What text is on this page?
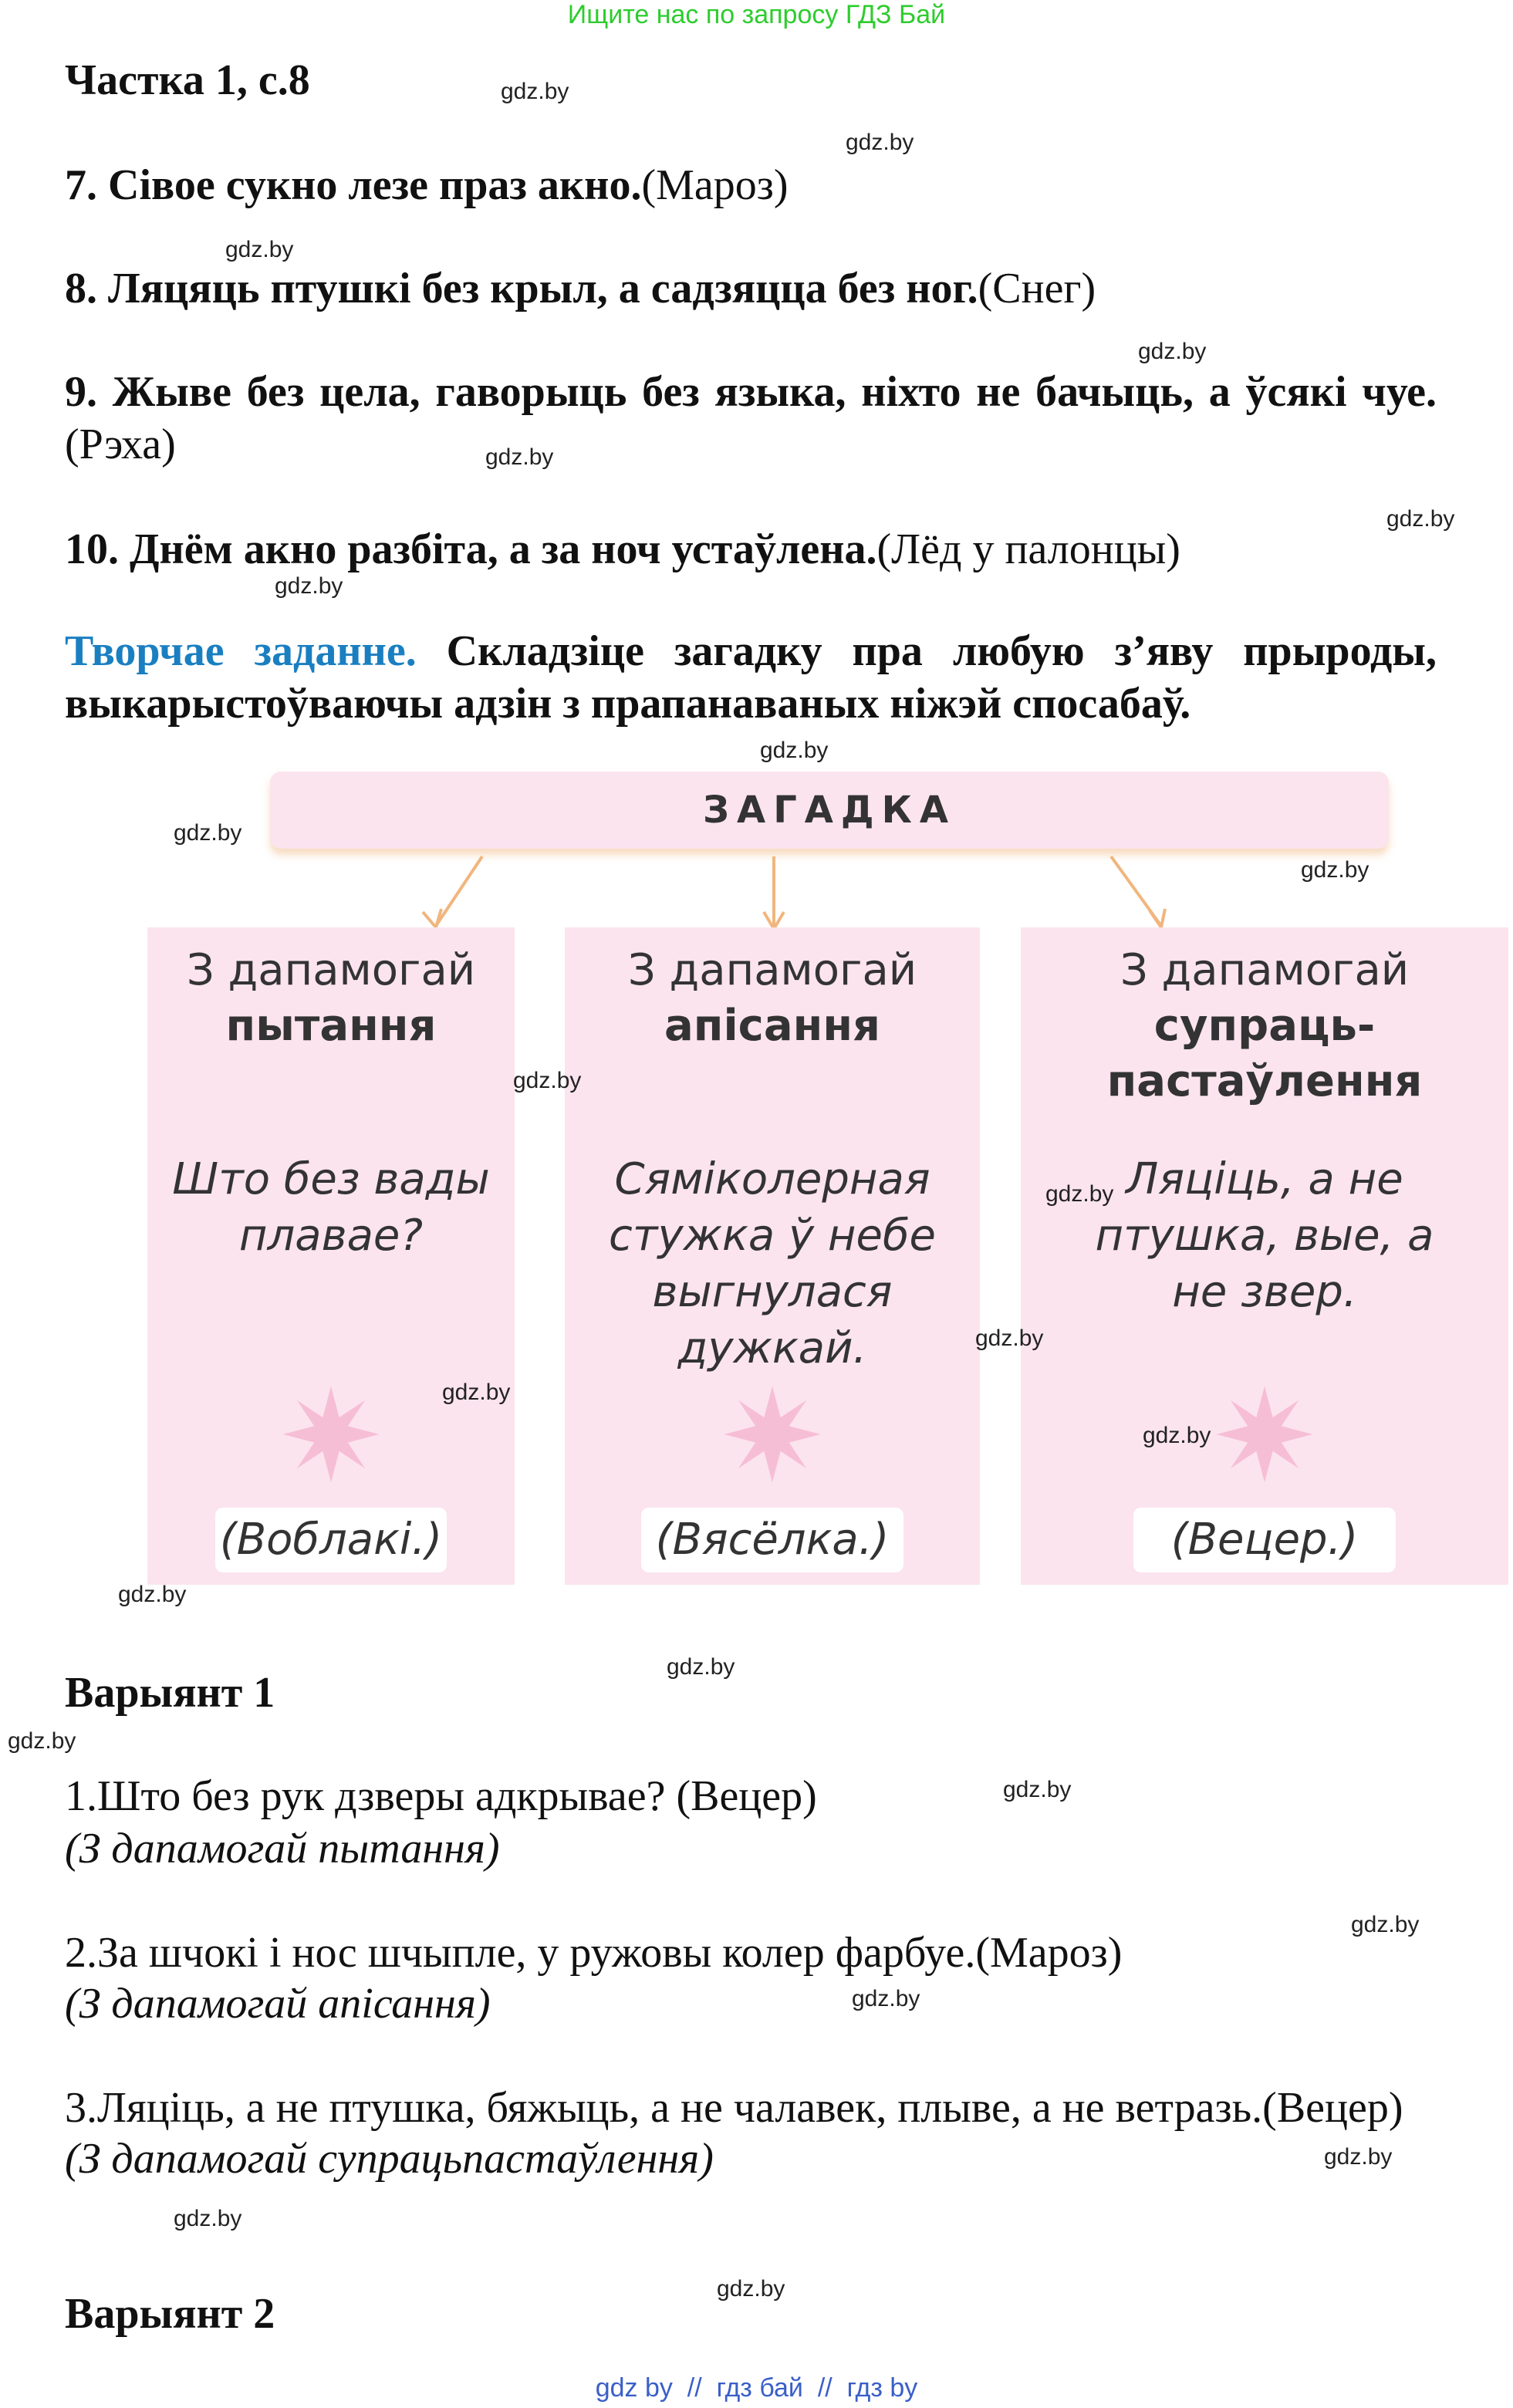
Ищите нас по запросу ГДЗ Бай
Частка 1, с.8
7. Сівое сукно лезе праз акно.(Мароз)
8. Ляцяць птушкі без крыл, а садзяцца без ног.(Снег)
9. Жыве без цела, гаворыць без языка, ніхто не бачыць, а ўсякі чуе.(Рэха)
10. Днём акно разбіта, а за ноч устаўлена.(Лёд у палонцы)
Творчае заданне. Складзіце загадку пра любую з’яву прыроды, выкарыстоўваючы адзін з прапанаваных ніжэй спосабаў.
ЗАГАДКА
З дапамогай
пытання
Што без вады плавае?
(Воблакі.)
З дапамогай
апісання
Сяміколерная стужка ў небе выгнулася дужкай.
(Вясёлка.)
З дапамогай
супраць-
пастаўлення
Ляціць, а не птушка, вые, а не звер.
(Вецер.)
Варыянт 1
1.Што без рук дзверы адкрывае? (Вецер)
(З дапамогай пытання)
2.За шчокі і нос шчыпле, у ружовы колер фарбуе.(Мароз)
(З дапамогай апісання)
3.Ляціць, а не птушка, бяжыць, а не чалавек, плыве, а не ветразь.(Вецер)
(З дапамогай супрацьпастаўлення)
Варыянт 2
gdz.by
gdz.by
gdz.by
gdz.by
gdz.by
gdz.by
gdz.by
gdz.by
gdz.by
gdz.by
gdz.by
gdz.by
gdz.by
gdz.by
gdz.by
gdz.by
gdz.by
gdz.by
gdz.by
gdz.by
gdz.by
gdz.by
gdz.by
gdz.by
gdz by  //  гдз бай  //  гдз by
